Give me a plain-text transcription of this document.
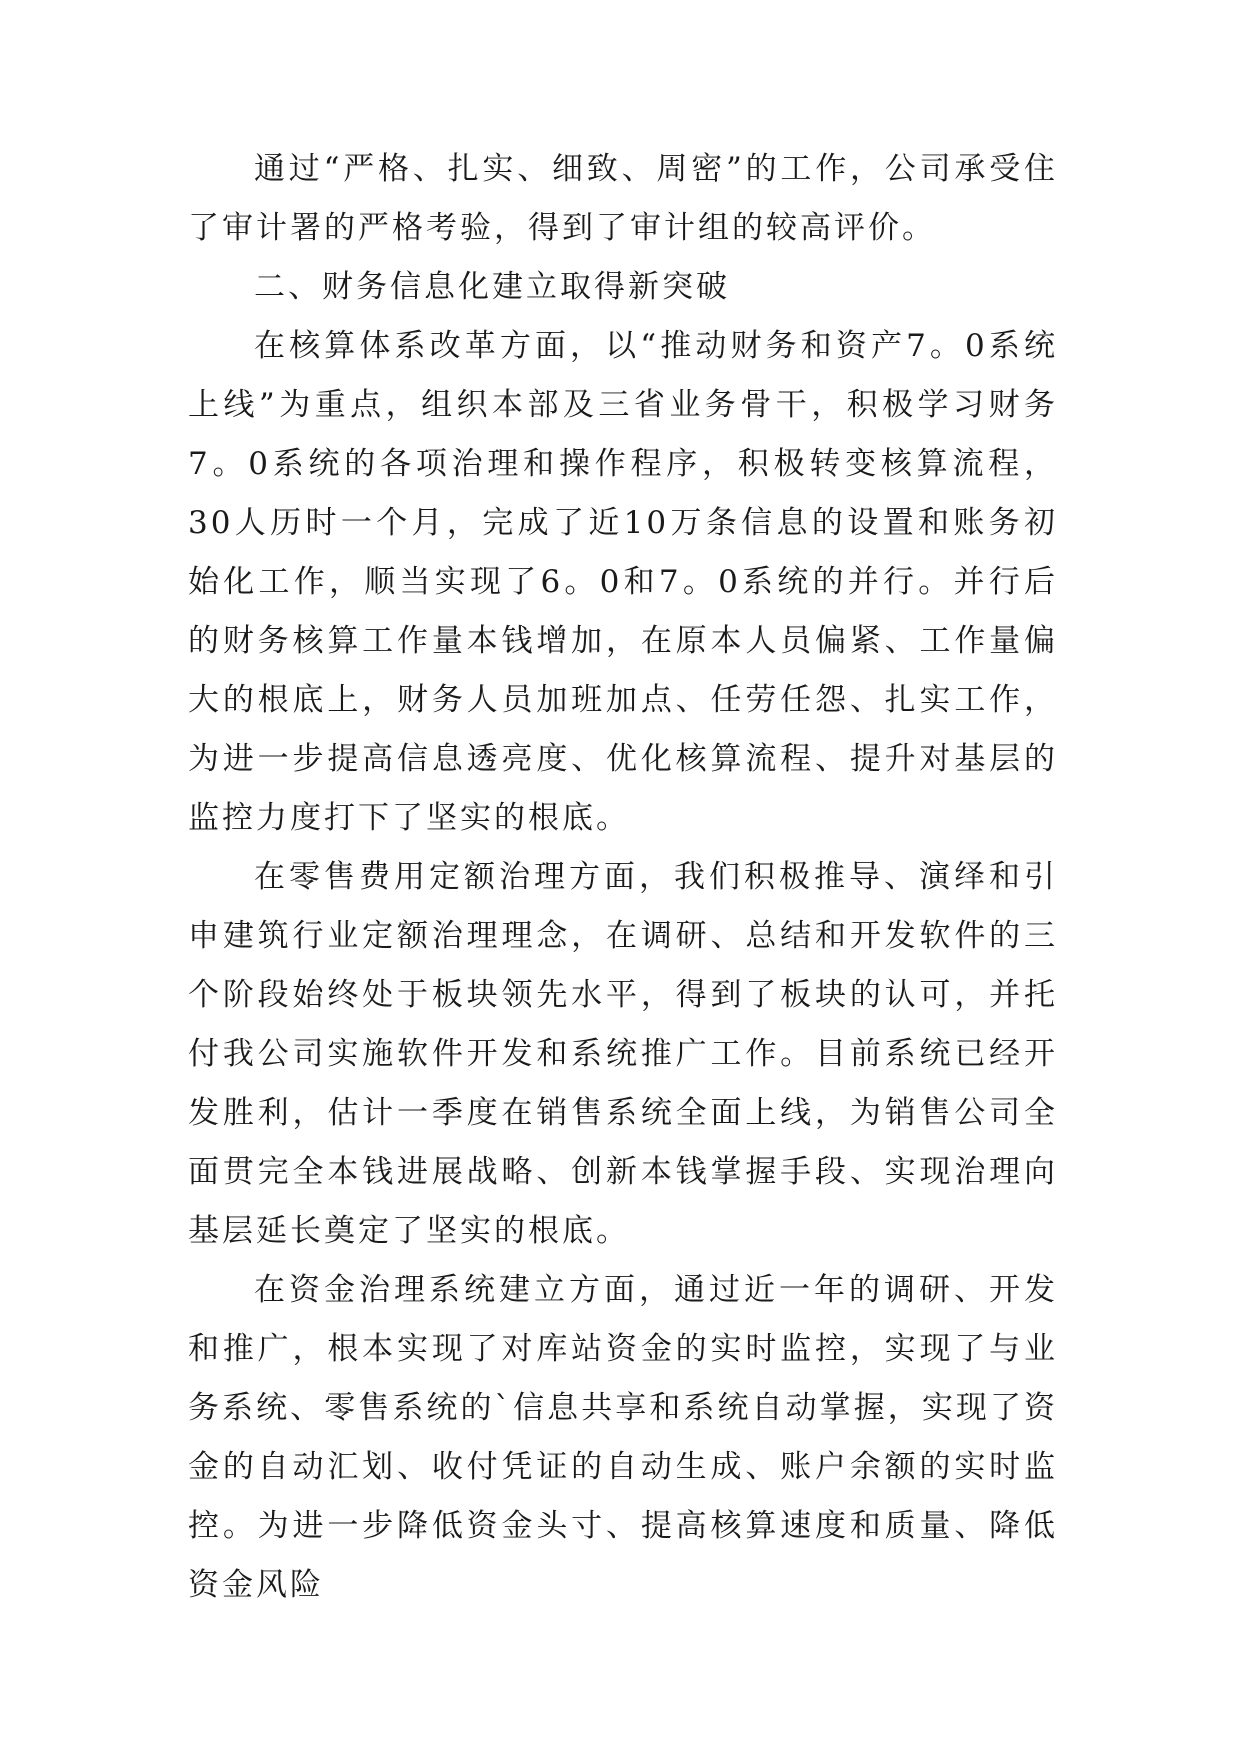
通过“严格、扎实、细致、周密”的工作，公司承受住了审计署的严格考验，得到了审计组的较高评价。

二、财务信息化建立取得新突破

在核算体系改革方面，以“推动财务和资产7。0系统上线”为重点，组织本部及三省业务骨干，积极学习财务7。0系统的各项治理和操作程序，积极转变核算流程，30人历时一个月，完成了近10万条信息的设置和账务初始化工作，顺当实现了6。0和7。0系统的并行。并行后的财务核算工作量本钱增加，在原本人员偏紧、工作量偏大的根底上，财务人员加班加点、任劳任怨、扎实工作，为进一步提高信息透亮度、优化核算流程、提升对基层的监控力度打下了坚实的根底。

在零售费用定额治理方面，我们积极推导、演绎和引申建筑行业定额治理理念，在调研、总结和开发软件的三个阶段始终处于板块领先水平，得到了板块的认可，并托付我公司实施软件开发和系统推广工作。目前系统已经开发胜利，估计一季度在销售系统全面上线，为销售公司全面贯完全本钱进展战略、创新本钱掌握手段、实现治理向基层延长奠定了坚实的根底。

在资金治理系统建立方面，通过近一年的调研、开发和推广，根本实现了对库站资金的实时监控，实现了与业务系统、零售系统的`信息共享和系统自动掌握，实现了资金的自动汇划、收付凭证的自动生成、账户余额的实时监控。为进一步降低资金头寸、提高核算速度和质量、降低资金风险
